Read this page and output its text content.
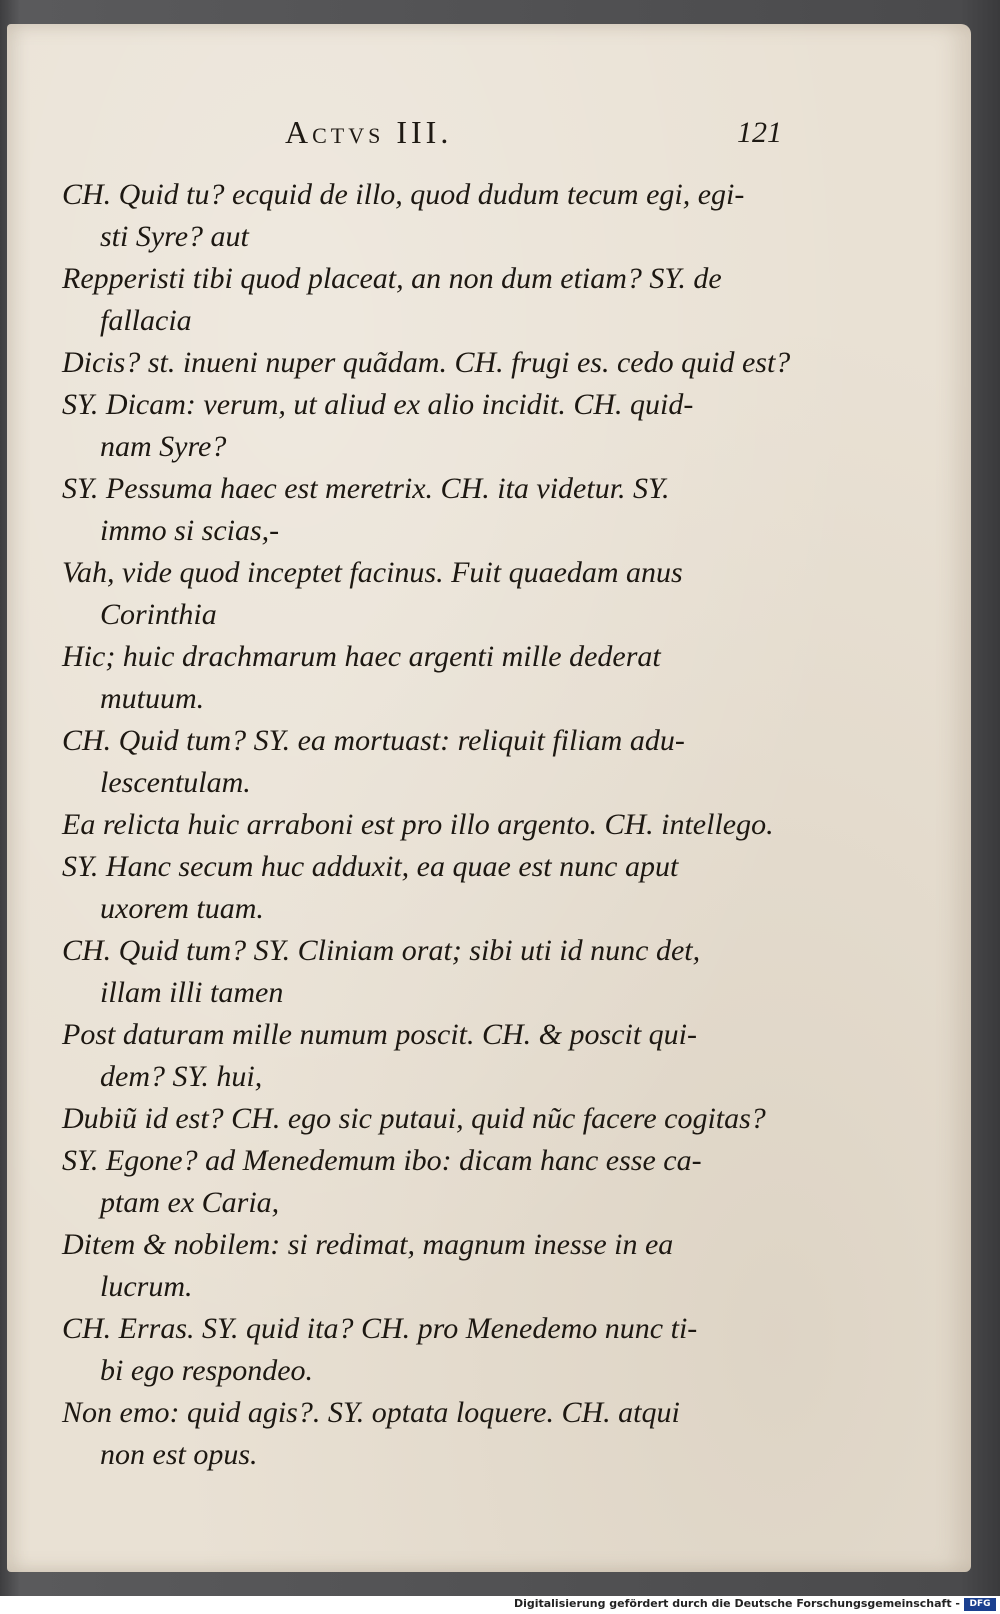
Actvs III.	121

CH. Quid tu? ecquid de illo, quod dudum tecum egi, egi-
sti Syre? aut

Repperisti tibi quod placeat, an non dum etiam? SY. de
fallacia

Dicis? st. inueni nuper quãdam. CH. frugi es. cedo quid est?

SY. Dicam: verum, ut aliud ex alio incidit. CH. quid-
nam Syre?

SY. Pessuma haec est meretrix. CH. ita videtur. SY.
immo si scias,-

Vah, vide quod inceptet facinus. Fuit quaedam anus
Corinthia

Hic; huic drachmarum haec argenti mille dederat
mutuum.

CH. Quid tum? SY. ea mortuast: reliquit filiam adu-
lescentulam.

Ea relicta huic arraboni est pro illo argento. CH. intellego.

SY. Hanc secum huc adduxit, ea quae est nunc aput
uxorem tuam.

CH. Quid tum? SY. Cliniam orat; sibi uti id nunc det,
illam illi tamen

Post daturam mille numum poscit. CH. & poscit qui-
dem? SY. hui,

Dubiũ id est? CH. ego sic putaui, quid nũc facere cogitas?

SY. Egone? ad Menedemum ibo: dicam hanc esse ca-
ptam ex Caria,

Ditem & nobilem: si redimat, magnum inesse in ea
lucrum.

CH. Erras. SY. quid ita? CH. pro Menedemo nunc ti-
bi ego respondeo.

Non emo: quid agis?. SY. optata loquere. CH. atqui
non est opus.

Digitalisierung gefördert durch die Deutsche Forschungsgemeinschaft -	DFG
